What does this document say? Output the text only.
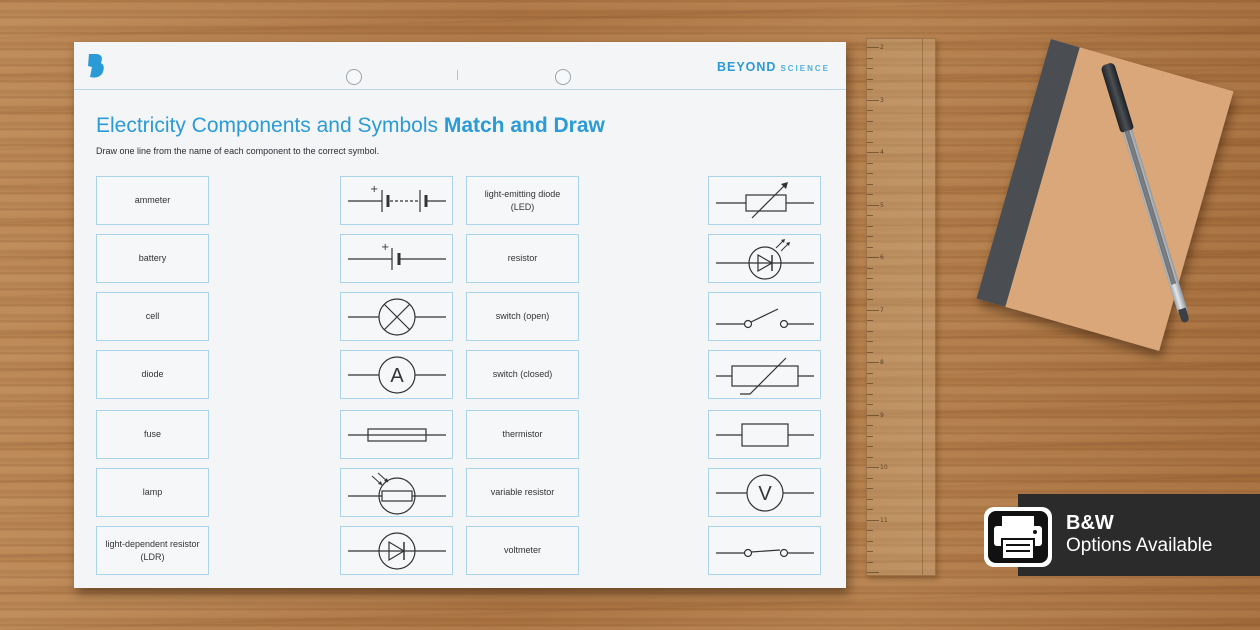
2
3
4
5
6
7
8
9
10
11
BEYOND SCIENCE
Electricity Components and Symbols Match and Draw
Draw one line from the name of each component to the correct symbol.
ammeter
battery
cell
diode
fuse
lamp
light-dependent resistor (LDR)
+
+
A
light-emitting diode (LED)
resistor
switch (open)
switch (closed)
thermistor
variable resistor
voltmeter
V
B&W
Options Available
